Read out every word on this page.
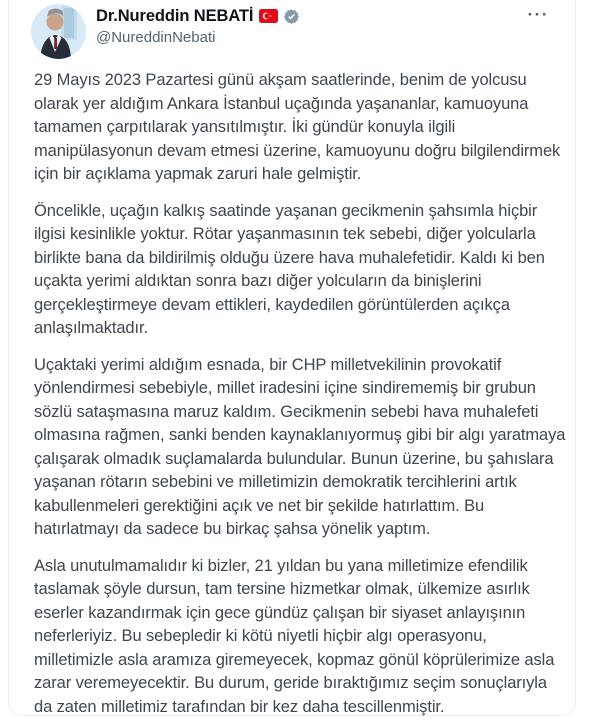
Dr.Nureddin NEBATİ
@NureddinNebati
···

29 Mayıs 2023 Pazartesi günü akşam saatlerinde, benim de yolcusu olarak yer aldığım Ankara İstanbul uçağında yaşananlar, kamuoyuna tamamen çarpıtılarak yansıtılmıştır. İki gündür konuyla ilgili manipülasyonun devam etmesi üzerine, kamuoyunu doğru bilgilendirmek için bir açıklama yapmak zaruri hale gelmiştir.

Öncelikle, uçağın kalkış saatinde yaşanan gecikmenin şahsımla hiçbir ilgisi kesinlikle yoktur. Rötar yaşanmasının tek sebebi, diğer yolcularla birlikte bana da bildirilmiş olduğu üzere hava muhalefetidir. Kaldı ki ben uçakta yerimi aldıktan sonra bazı diğer yolcuların da binişlerini gerçekleştirmeye devam ettikleri, kaydedilen görüntülerden açıkça anlaşılmaktadır.

Uçaktaki yerimi aldığım esnada, bir CHP milletvekilinin provokatif yönlendirmesi sebebiyle, millet iradesini içine sindirememiş bir grubun sözlü sataşmasına maruz kaldım. Gecikmenin sebebi hava muhalefeti olmasına rağmen, sanki benden kaynaklanıyormuş gibi bir algı yaratmaya çalışarak olmadık suçlamalarda bulundular. Bunun üzerine, bu şahıslara yaşanan rötarın sebebini ve milletimizin demokratik tercihlerini artık kabullenmeleri gerektiğini açık ve net bir şekilde hatırlattım. Bu hatırlatmayı da sadece bu birkaç şahsa yönelik yaptım.

Asla unutulmamalıdır ki bizler, 21 yıldan bu yana milletimize efendilik taslamak şöyle dursun, tam tersine hizmetkar olmak, ülkemize asırlık eserler kazandırmak için gece gündüz çalışan bir siyaset anlayışının neferleriyiz. Bu sebepledir ki kötü niyetli hiçbir algı operasyonu, milletimizle asla aramıza giremeyecek, kopmaz gönül köprülerimize asla zarar veremeyecektir. Bu durum, geride bıraktığımız seçim sonuçlarıyla da zaten milletimiz tarafından bir kez daha tescillenmiştir.
